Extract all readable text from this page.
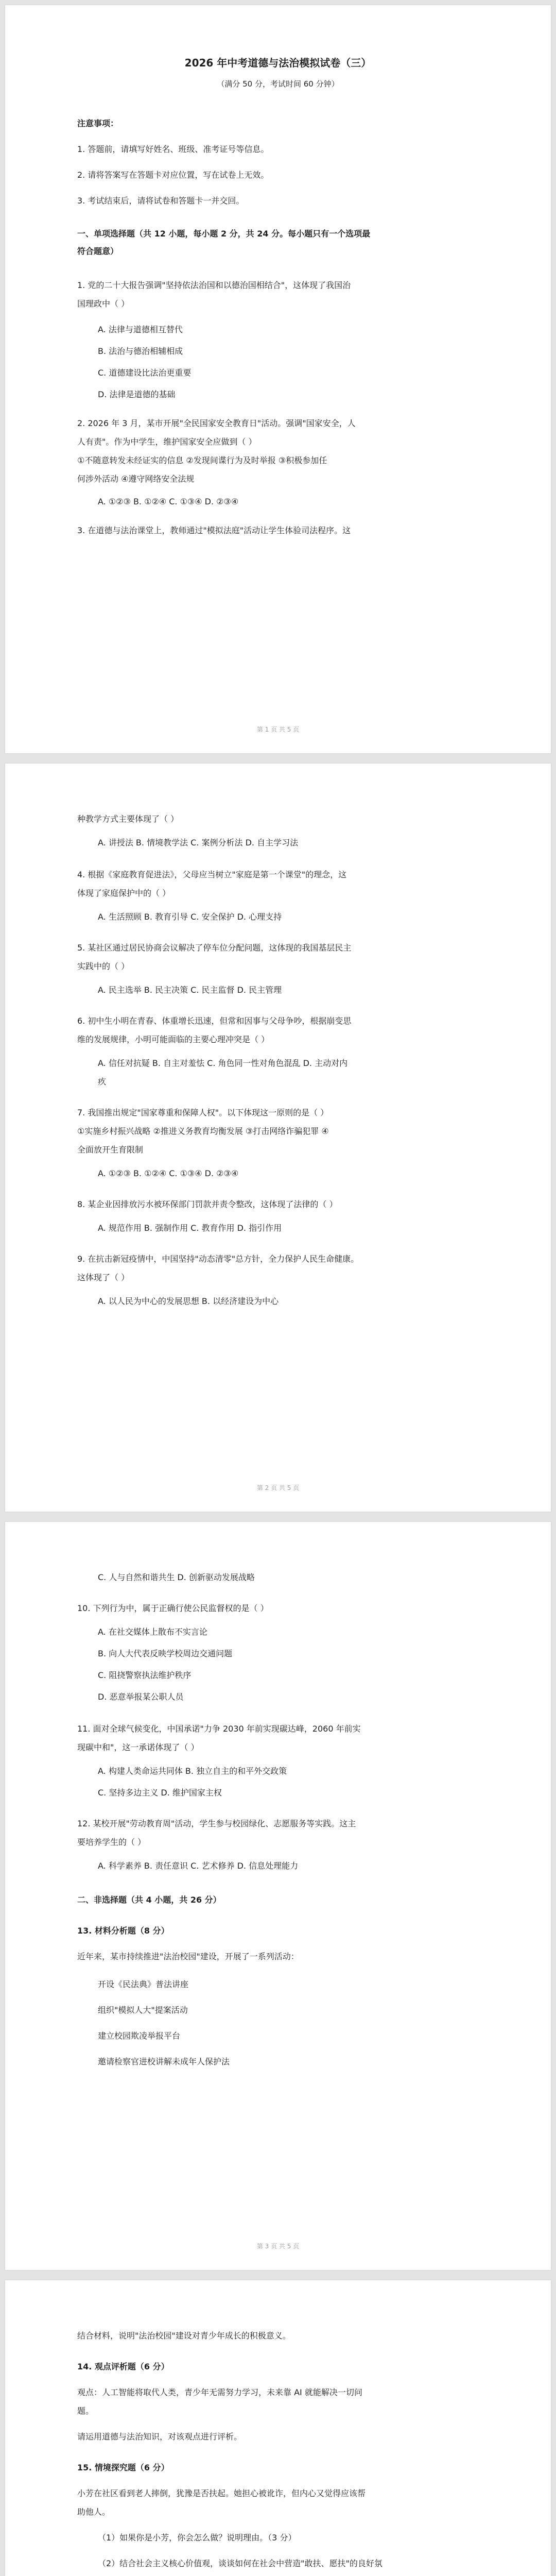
2026 年中考道德与法治模拟试卷（三）
（满分 50 分，考试时间 60 分钟）
注意事项：
1. 答题前，请填写好姓名、班级、准考证号等信息。
2. 请将答案写在答题卡对应位置，写在试卷上无效。
3. 考试结束后，请将试卷和答题卡一并交回。
一、单项选择题（共 12 小题，每小题 2 分，共 24 分。每小题只有一个选项最
符合题意）
1. 党的二十大报告强调"坚持依法治国和以德治国相结合"，这体现了我国治
国理政中（ ）
A. 法律与道德相互替代
B. 法治与德治相辅相成
C. 道德建设比法治更重要
D. 法律是道德的基础
2. 2026 年 3 月，某市开展"全民国家安全教育日"活动。强调"国家安全，人
人有责"。作为中学生，维护国家安全应做到（ ）
①不随意转发未经证实的信息 ②发现间谍行为及时举报 ③积极参加任
何涉外活动 ④遵守网络安全法规
A. ①②③ B. ①②④ C. ①③④ D. ②③④
3. 在道德与法治课堂上，教师通过"模拟法庭"活动让学生体验司法程序。这
第 1 页 共 5 页
种教学方式主要体现了（ ）
A. 讲授法 B. 情境教学法 C. 案例分析法 D. 自主学习法
4. 根据《家庭教育促进法》，父母应当树立"家庭是第一个课堂"的理念，这
体现了家庭保护中的（ ）
A. 生活照顾 B. 教育引导 C. 安全保护 D. 心理支持
5. 某社区通过居民协商会议解决了停车位分配问题，这体现的我国基层民主
实践中的（ ）
A. 民主选举 B. 民主决策 C. 民主监督 D. 民主管理
6. 初中生小明在青春、体重增长迅速，但常和因事与父母争吵，根据崩变思
维的发展规律，小明可能面临的主要心理冲突是（ ）
A. 信任对抗疑 B. 自主对羞怯 C. 角色同一性对角色混乱 D. 主动对内
疚
7. 我国推出规定"国家尊重和保障人权"。以下体现这一原则的是（ ）
①实施乡村振兴战略 ②推进义务教育均衡发展 ③打击网络诈骗犯罪 ④
全面放开生育限制
A. ①②③ B. ①②④ C. ①③④ D. ②③④
8. 某企业因排放污水被环保部门罚款并责令整改，这体现了法律的（ ）
A. 规范作用 B. 强制作用 C. 教育作用 D. 指引作用
9. 在抗击新冠疫情中，中国坚持"动态清零"总方针，全力保护人民生命健康。
这体现了（ ）
A. 以人民为中心的发展思想 B. 以经济建设为中心
第 2 页 共 5 页
C. 人与自然和谐共生 D. 创新驱动发展战略
10. 下列行为中，属于正确行使公民监督权的是（ ）
A. 在社交媒体上散布不实言论
B. 向人大代表反映学校周边交通问题
C. 阻挠警察执法维护秩序
D. 恶意举报某公职人员
11. 面对全球气候变化，中国承诺"力争 2030 年前实现碳达峰，2060 年前实
现碳中和"，这一承诺体现了（ ）
A. 构建人类命运共同体 B. 独立自主的和平外交政策
C. 坚持多边主义 D. 维护国家主权
12. 某校开展"劳动教育周"活动，学生参与校园绿化、志愿服务等实践。这主
要培养学生的（ ）
A. 科学素养 B. 责任意识 C. 艺术修养 D. 信息处理能力
二、非选择题（共 4 小题，共 26 分）
13. 材料分析题（8 分）
近年来，某市持续推进"法治校园"建设，开展了一系列活动：
开设《民法典》普法讲座
组织"模拟人大"提案活动
建立校园欺凌举报平台
邀请检察官进校讲解未成年人保护法
第 3 页 共 5 页
结合材料，说明"法治校园"建设对青少年成长的积极意义。
14. 观点评析题（6 分）
观点：人工智能将取代人类，青少年无需努力学习，未来靠 AI 就能解决一切问
题。
请运用道德与法治知识，对该观点进行评析。
15. 情境探究题（6 分）
小芳在社区看到老人摔倒，犹豫是否扶起。她担心被讹诈，但内心又觉得应该帮
助他人。
（1）如果你是小芳，你会怎么做？说明理由。（3 分）
（2）结合社会主义核心价值观，谈谈如何在社会中营造"敢扶、愿扶"的良好氛
